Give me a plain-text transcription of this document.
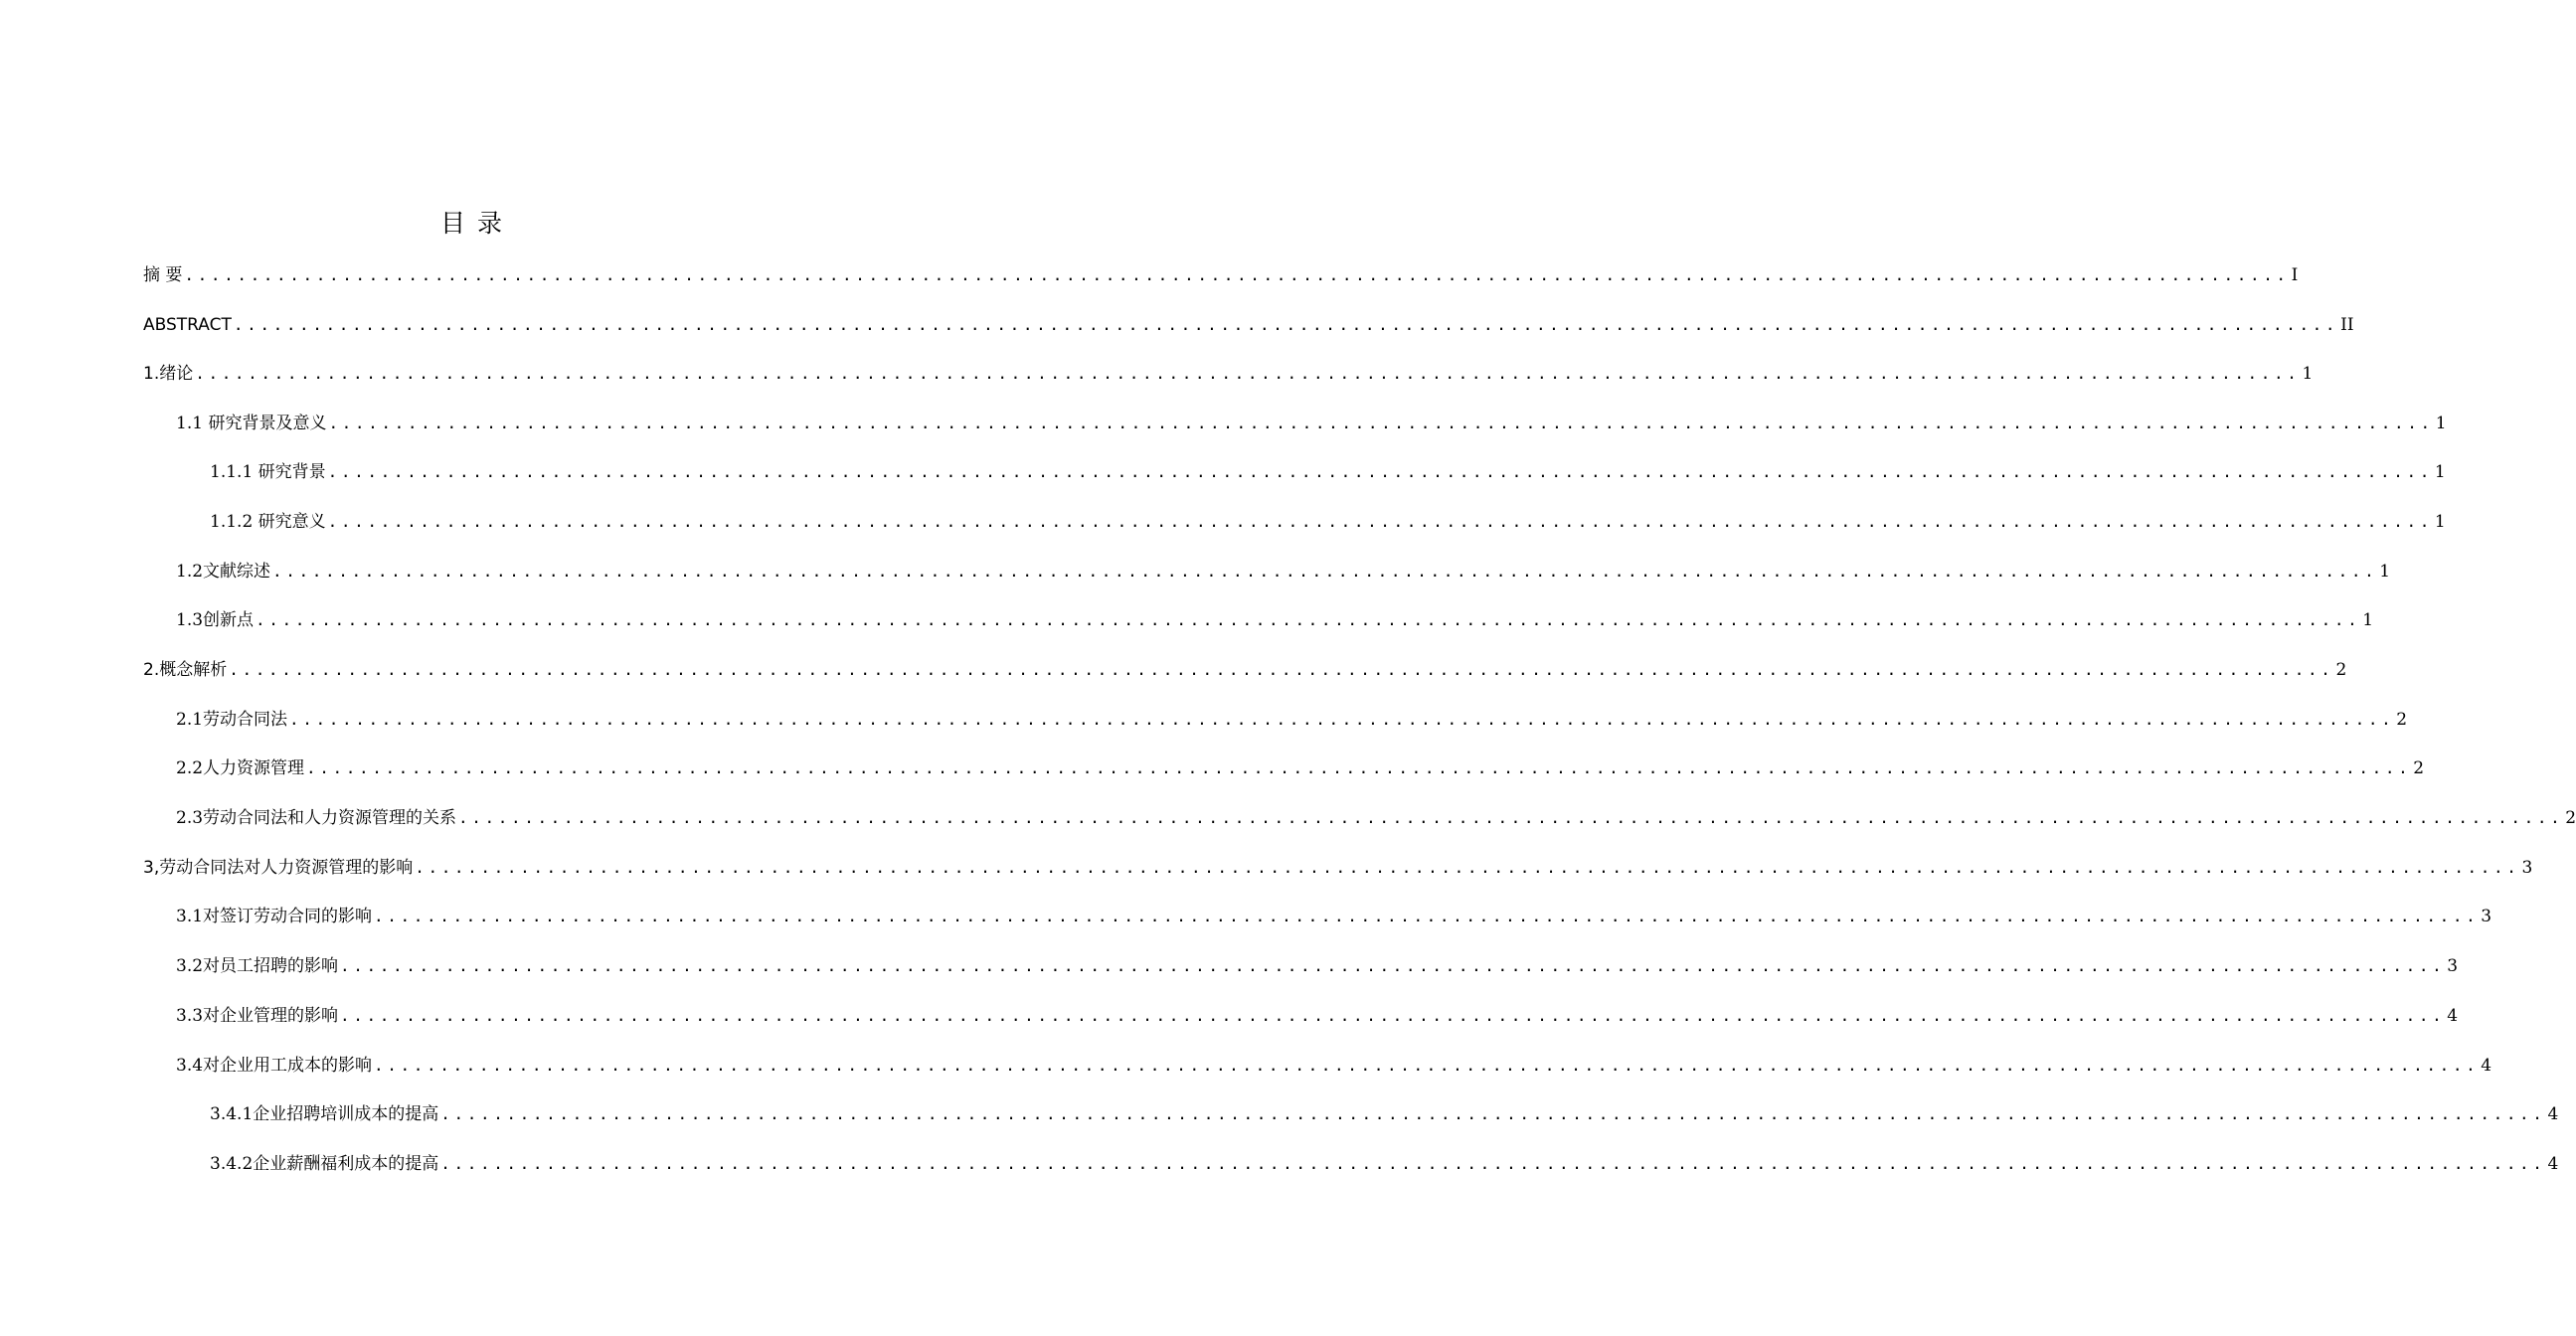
目 录
摘 要 ................................................................................................................................................................ I
ABSTRACT ................................................................................................................................................................ II
1.绪论 ................................................................................................................................................................ 1
1.1 研究背景及意义 ................................................................................................................................................................ 1
1.1.1 研究背景 ................................................................................................................................................................ 1
1.1.2 研究意义 ................................................................................................................................................................ 1
1.2文献综述 ................................................................................................................................................................ 1
1.3创新点 ................................................................................................................................................................ 1
2.概念解析 ................................................................................................................................................................ 2
2.1劳动合同法 ................................................................................................................................................................ 2
2.2人力资源管理 ................................................................................................................................................................ 2
2.3劳动合同法和人力资源管理的关系 ................................................................................................................................................................ 2
3,劳动合同法对人力资源管理的影响 ................................................................................................................................................................ 3
3.1对签订劳动合同的影响 ................................................................................................................................................................ 3
3.2对员工招聘的影响 ................................................................................................................................................................ 3
3.3对企业管理的影响 ................................................................................................................................................................ 4
3.4对企业用工成本的影响 ................................................................................................................................................................ 4
3.4.1企业招聘培训成本的提高 ................................................................................................................................................................ 4
3.4.2企业薪酬福利成本的提高 ................................................................................................................................................................ 4
